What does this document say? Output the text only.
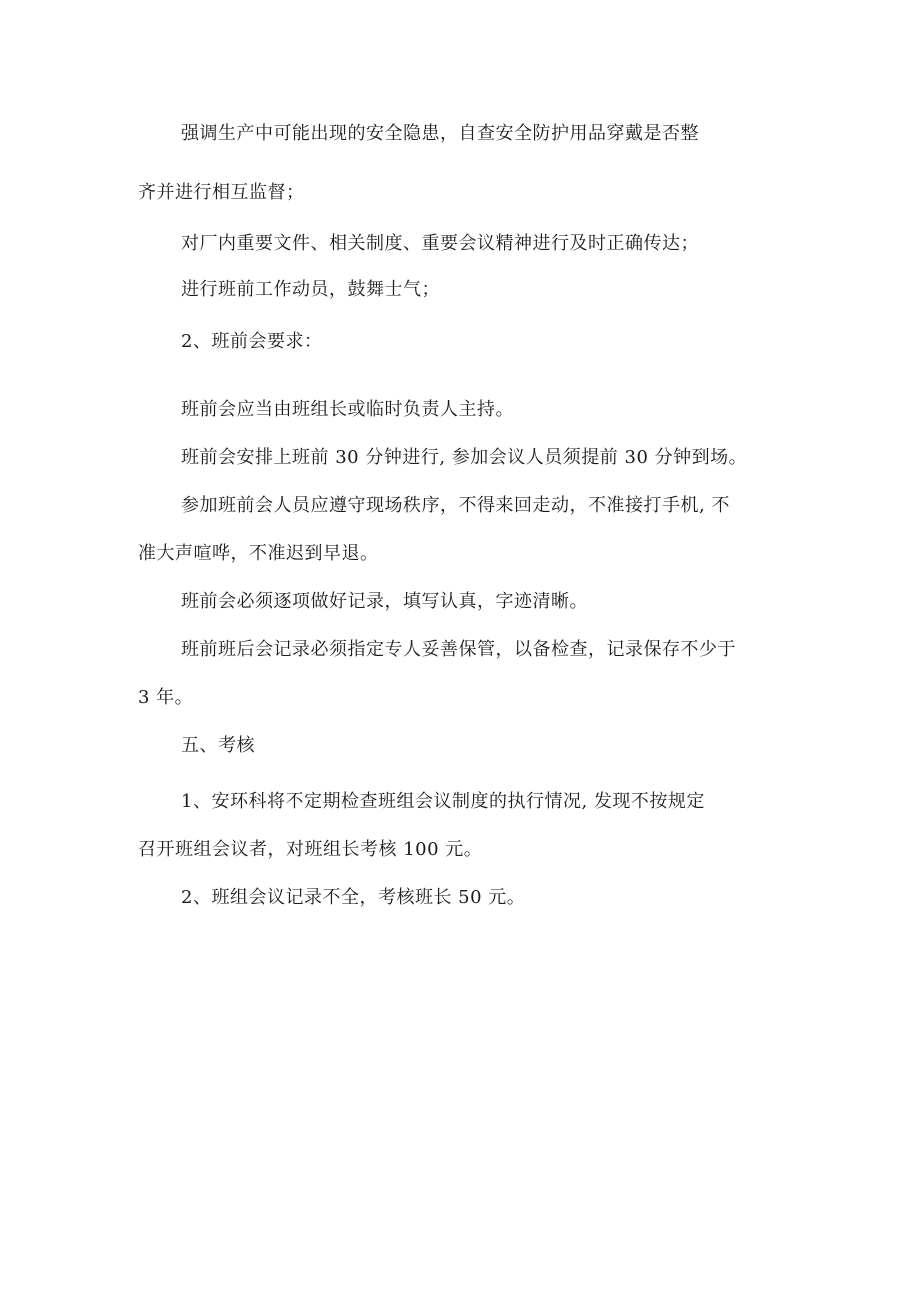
强调生产中可能出现的安全隐患，自查安全防护用品穿戴是否整
齐并进行相互监督；
对厂内重要文件、相关制度、重要会议精神进行及时正确传达；
进行班前工作动员，鼓舞士气；
2、班前会要求：
班前会应当由班组长或临时负责人主持。
班前会安排上班前 30 分钟进行, 参加会议人员须提前 30 分钟到场。
参加班前会人员应遵守现场秩序，不得来回走动，不准接打手机, 不
准大声喧哗，不准迟到早退。
班前会必须逐项做好记录，填写认真，字迹清晰。
班前班后会记录必须指定专人妥善保管，以备检查，记录保存不少于
3 年。
五、考核
1、安环科将不定期检查班组会议制度的执行情况, 发现不按规定
召开班组会议者，对班组长考核 100 元。
2、班组会议记录不全，考核班长 50 元。
